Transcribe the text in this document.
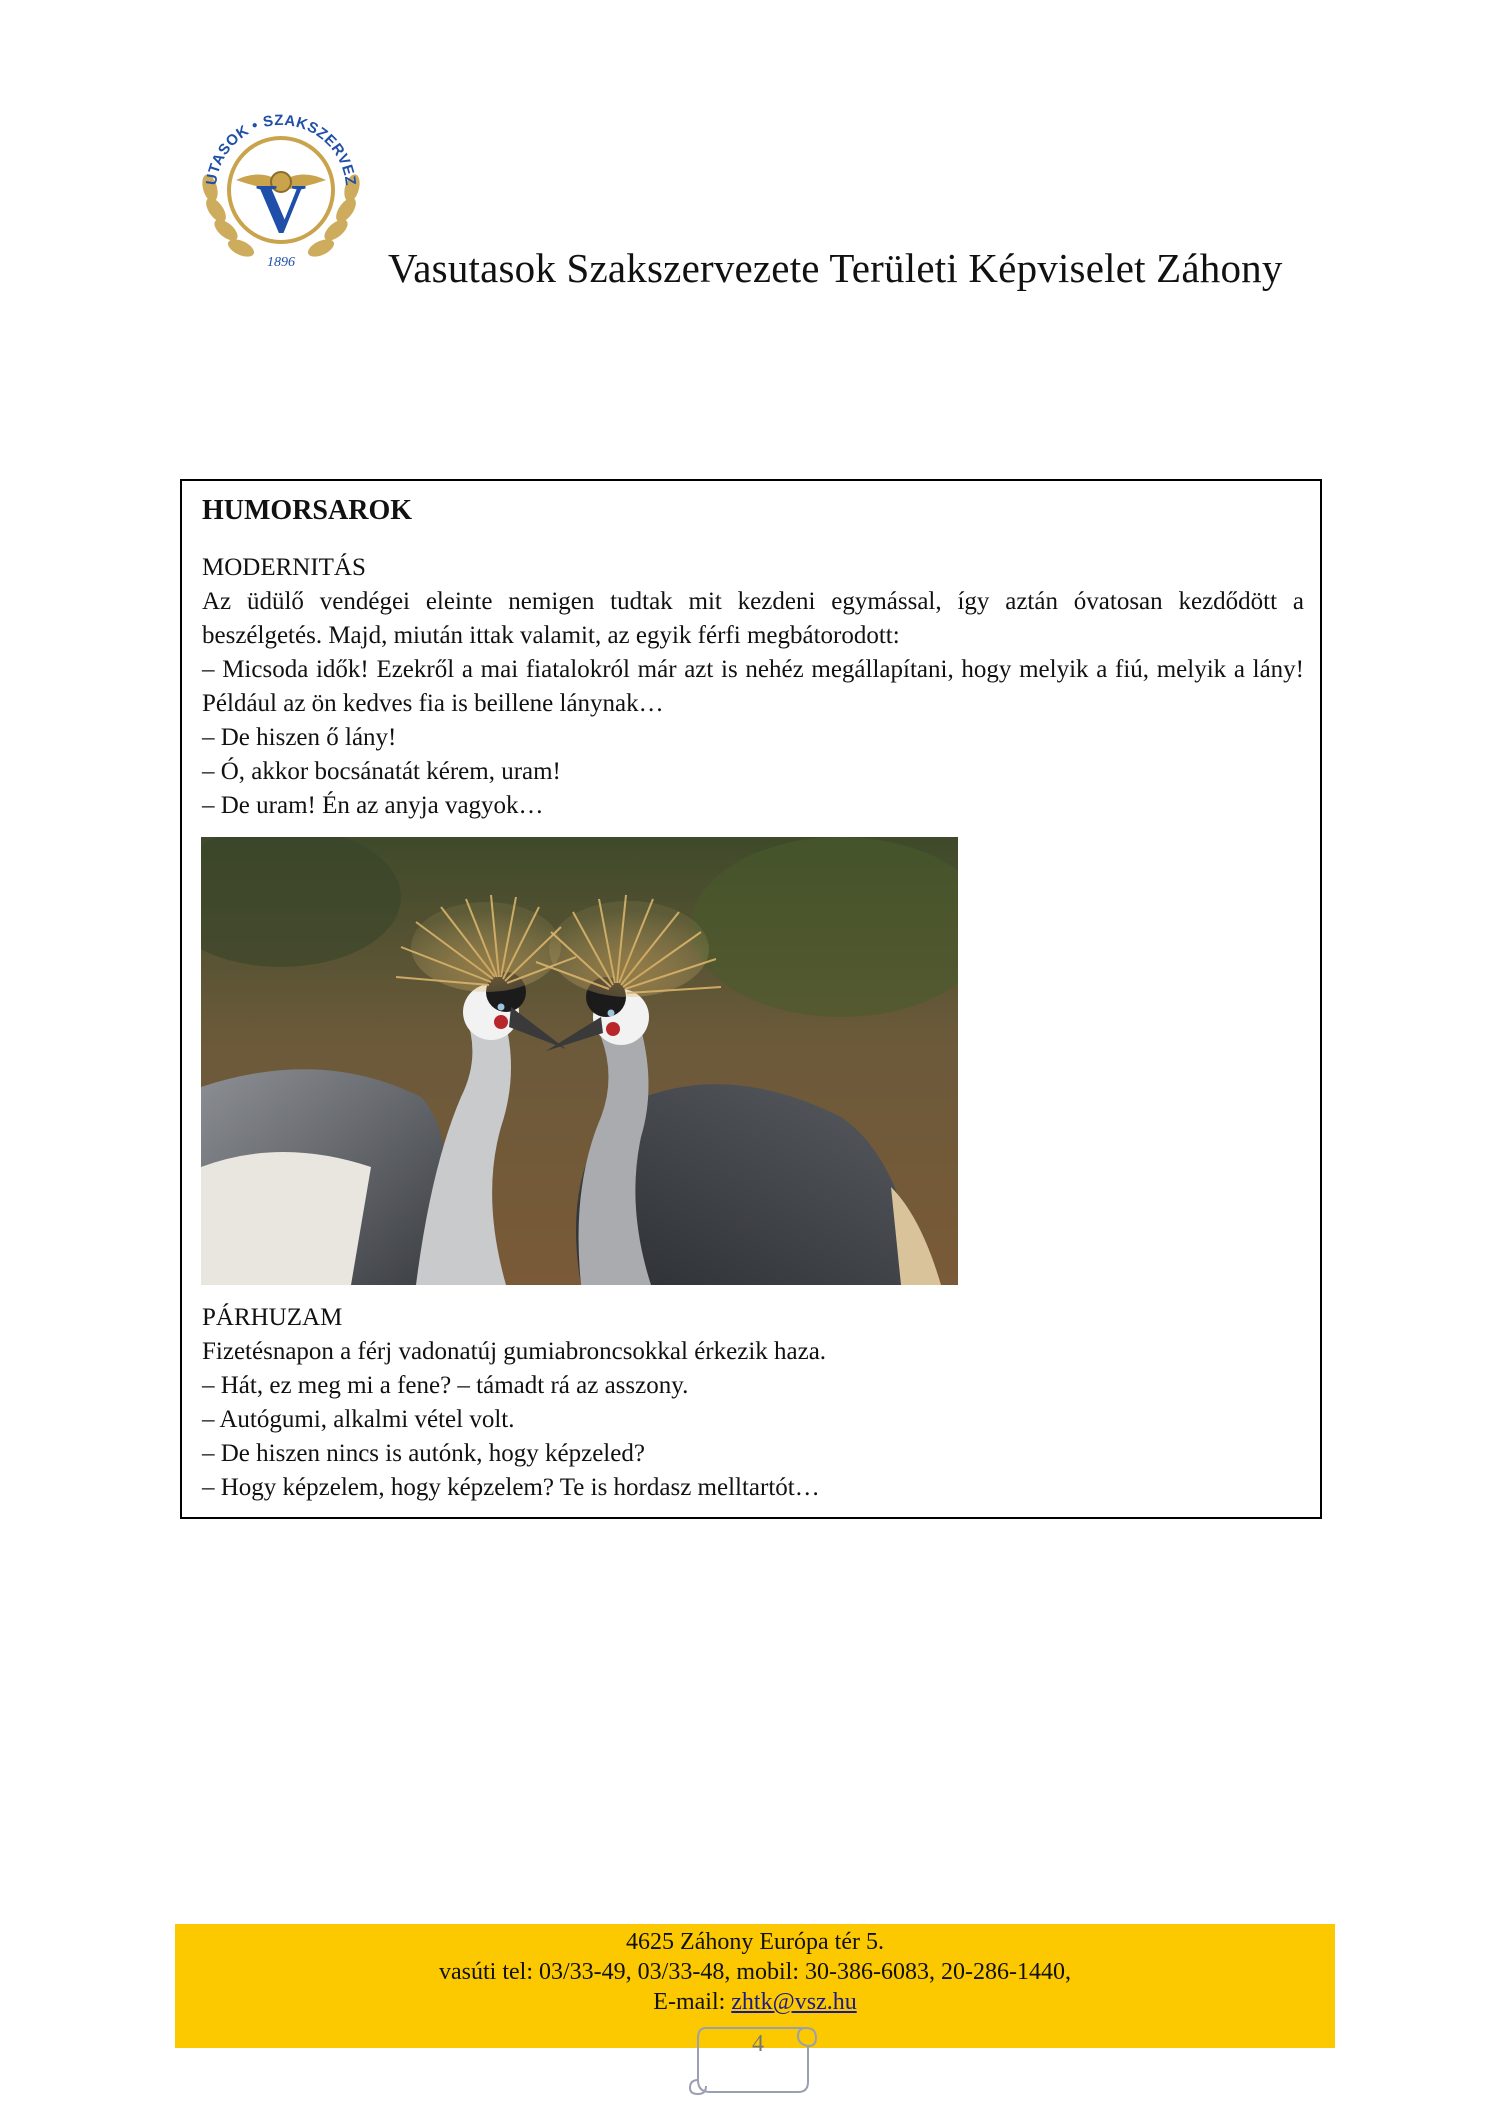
V
UTASOK • SZAKSZERVEZ
1896 Vasutasok Szakszervezete Területi Képviselet Záhony
HUMORSAROK
MODERNITÁS
Az üdülő vendégei eleinte nemigen tudtak mit kezdeni egymással, így aztán óvatosan kezdődött a beszélgetés. Majd, miután ittak valamit, az egyik férfi megbátorodott:
– Micsoda idők! Ezekről a mai fiatalokról már azt is nehéz megállapítani, hogy melyik a fiú, melyik a lány! Például az ön kedves fia is beillene lánynak…
– De hiszen ő lány!
– Ó, akkor bocsánatát kérem, uram!
– De uram! Én az anyja vagyok…
PÁRHUZAM
Fizetésnapon a férj vadonatúj gumiabroncsokkal érkezik haza.
– Hát, ez meg mi a fene? – támadt rá az asszony.
– Autógumi, alkalmi vétel volt.
– De hiszen nincs is autónk, hogy képzeled?
– Hogy képzelem, hogy képzelem? Te is hordasz melltartót…
4625 Záhony Európa tér 5.
vasúti tel: 03/33-49, 03/33-48, mobil: 30-386-6083, 20-286-1440,
E-mail: zhtk@vsz.hu
4
